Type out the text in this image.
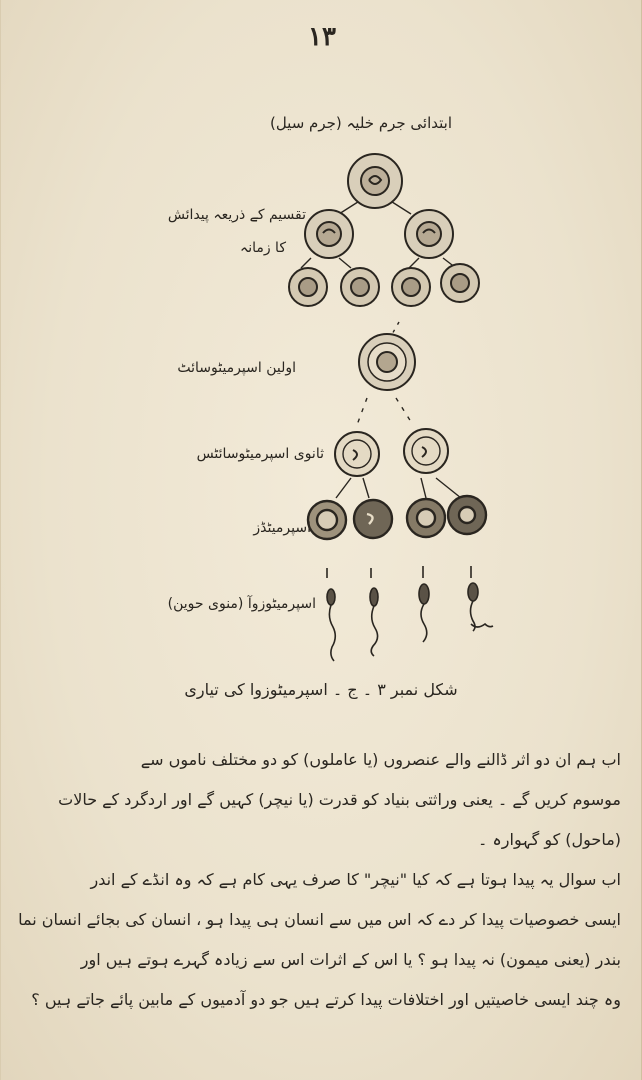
۱۳
ابتدائی جرم خلیہ (جرم سیل)
تقسیم کے ذریعہ پیدائش
کا زمانہ
اولین اسپرمیٹوسائٹ
ثانوی اسپرمیٹوسائٹس
اسپرمیٹڈز
اسپرمیٹوزوآ (منوی حوین)
شکل نمبر ۳ ۔ ج ۔ اسپرمیٹوزوا کی تیاری
اب ہم ان دو اثر ڈالنے والے عنصروں (یا عاملوں) کو دو مختلف ناموں سے
موسوم کریں گے ۔ یعنی وراثتی بنیاد کو قدرت (یا نیچر) کہیں گے اور اردگرد کے حالات
(ماحول) کو گہوارہ ۔
اب سوال یہ پیدا ہوتا ہے کہ کیا "نیچر" کا صرف یہی کام ہے کہ وہ انڈے کے اندر
ایسی خصوصیات پیدا کر دے کہ اس میں سے انسان ہی پیدا ہو ، انسان کی بجائے انسان نما
بندر (یعنی میمون) نہ پیدا ہو ؟ یا اس کے اثرات اس سے زیادہ گہرے ہوتے ہیں اور
وہ چند ایسی خاصیتیں اور اختلافات پیدا کرتے ہیں جو دو آدمیوں کے مابین پائے جاتے ہیں ؟
